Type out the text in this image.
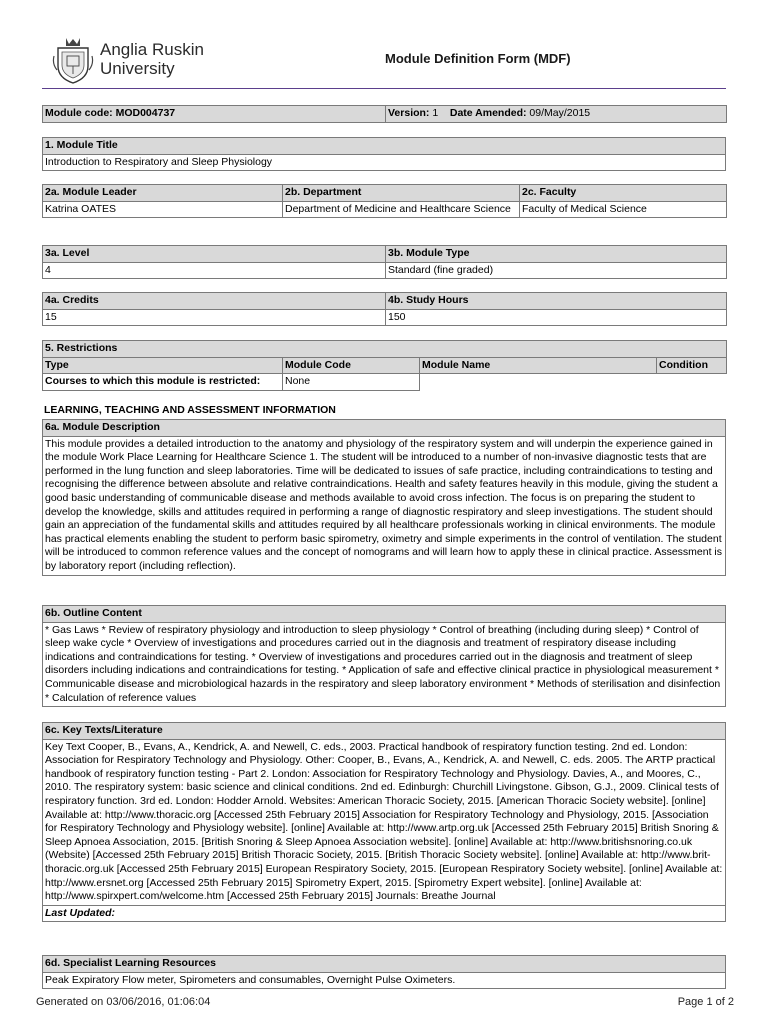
Anglia Ruskin
University
Module Definition Form (MDF)
Module code: MOD004737	Version: 1 Date Amended: 09/May/2015
1. Module Title
Introduction to Respiratory and Sleep Physiology
2a. Module Leader	2b. Department	2c. Faculty
Katrina OATES	Department of Medicine and Healthcare Science	Faculty of Medical Science
3a. Level	3b. Module Type
4	Standard (fine graded)
4a. Credits	4b. Study Hours
15	150
5. Restrictions			
Type	Module Code	Module Name	Condition
Courses to which this module is restricted:	None		
LEARNING, TEACHING AND ASSESSMENT INFORMATION
6a. Module Description
This module provides a detailed introduction to the anatomy and physiology of the respiratory system and will underpin the experience gained in the module Work Place Learning for Healthcare Science 1. The student will be introduced to a number of non-invasive diagnostic tests that are performed in the lung function and sleep laboratories. Time will be dedicated to issues of safe practice, including contraindications to testing and recognising the difference between absolute and relative contraindications. Health and safety features heavily in this module, giving the student a good basic understanding of communicable disease and methods available to avoid cross infection. The focus is on preparing the student to develop the knowledge, skills and attitudes required in performing a range of diagnostic respiratory and sleep investigations. The student should gain an appreciation of the fundamental skills and attitudes required by all healthcare professionals working in clinical environments. The module has practical elements enabling the student to perform basic spirometry, oximetry and simple experiments in the control of ventilation. The student will be introduced to common reference values and the concept of nomograms and will learn how to apply these in clinical practice. Assessment is by laboratory report (including reflection).
6b. Outline Content
* Gas Laws * Review of respiratory physiology and introduction to sleep physiology * Control of breathing (including during sleep) * Control of sleep wake cycle * Overview of investigations and procedures carried out in the diagnosis and treatment of respiratory disease including indications and contraindications for testing. * Overview of investigations and procedures carried out in the diagnosis and treatment of sleep disorders including indications and contraindications for testing. * Application of safe and effective clinical practice in physiological measurement * Communicable disease and microbiological hazards in the respiratory and sleep laboratory environment * Methods of sterilisation and disinfection * Calculation of reference values
6c. Key Texts/Literature
Key Text Cooper, B., Evans, A., Kendrick, A. and Newell, C. eds., 2003. Practical handbook of respiratory function testing. 2nd ed. London: Association for Respiratory Technology and Physiology. Other: Cooper, B., Evans, A., Kendrick, A. and Newell, C. eds. 2005. The ARTP practical handbook of respiratory function testing - Part 2. London: Association for Respiratory Technology and Physiology. Davies, A., and Moores, C., 2010. The respiratory system: basic science and clinical conditions. 2nd ed. Edinburgh: Churchill Livingstone. Gibson, G.J., 2009. Clinical tests of respiratory function. 3rd ed. London: Hodder Arnold. Websites: American Thoracic Society, 2015. [American Thoracic Society website]. [online] Available at: http://www.thoracic.org [Accessed 25th February 2015] Association for Respiratory Technology and Physiology, 2015. [Association for Respiratory Technology and Physiology website]. [online] Available at: http://www.artp.org.uk [Accessed 25th February 2015] British Snoring & Sleep Apnoea Association, 2015. [British Snoring & Sleep Apnoea Association website]. [online] Available at: http://www.britishsnoring.co.uk (Website) [Accessed 25th February 2015] British Thoracic Society, 2015. [British Thoracic Society website]. [online] Available at: http://www.brit-thoracic.org.uk [Accessed 25th February 2015] European Respiratory Society, 2015. [European Respiratory Society website]. [online] Available at: http://www.ersnet.org [Accessed 25th February 2015] Spirometry Expert, 2015. [Spirometry Expert website]. [online] Available at: http://www.spirxpert.com/welcome.htm [Accessed 25th February 2015] Journals: Breathe Journal
Last Updated:
6d. Specialist Learning Resources
Peak Expiratory Flow meter, Spirometers and consumables, Overnight Pulse Oximeters.
Generated on 03/06/2016, 01:06:04	Page 1 of 2
